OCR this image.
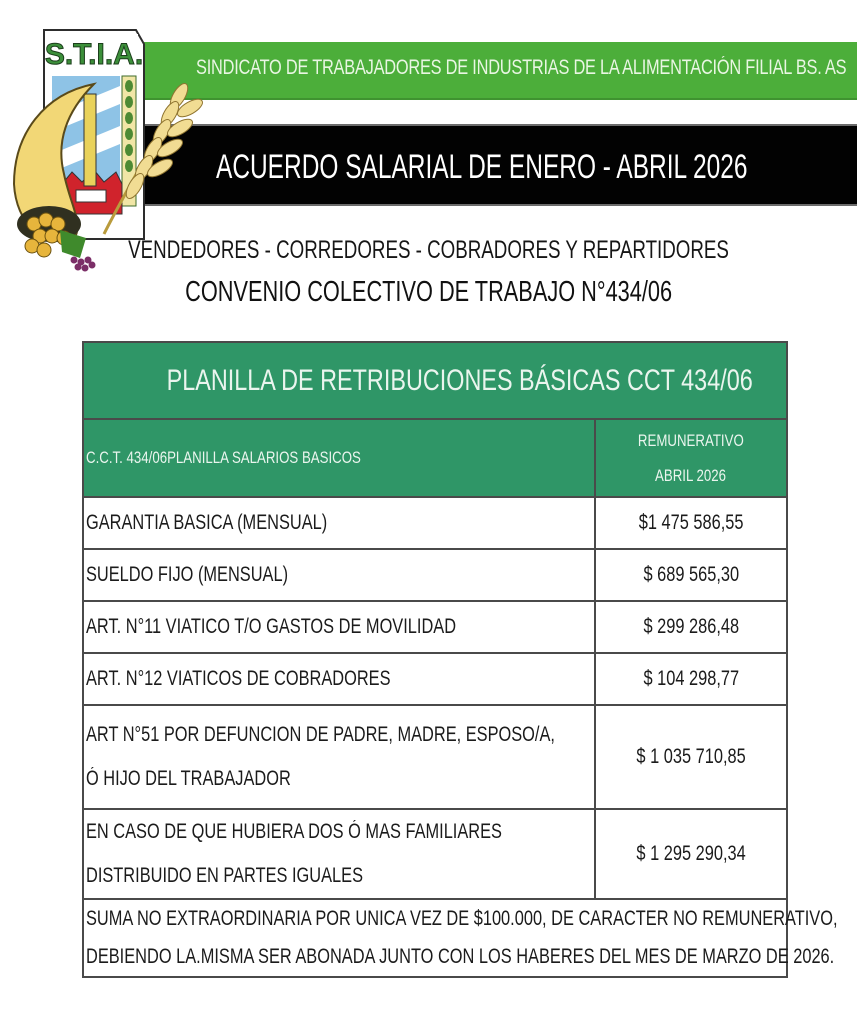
SINDICATO DE TRABAJADORES DE INDUSTRIAS DE LA ALIMENTACIÓN FILIAL BS. AS
ACUERDO SALARIAL DE ENERO - ABRIL 2026
S.T.I.A.
VENDEDORES - CORREDORES - COBRADORES Y REPARTIDORES
CONVENIO COLECTIVO DE TRABAJO N°434/06
PLANILLA DE RETRIBUCIONES BÁSICAS CCT 434/06	
C.C.T. 434/06PLANILLA SALARIOS BASICOS	REMUNERATIVO
ABRIL 2026
GARANTIA BASICA (MENSUAL)	$1 475 586,55
SUELDO FIJO (MENSUAL)	$ 689 565,30
ART. N°11 VIATICO T/O GASTOS DE MOVILIDAD	$ 299 286,48
ART. N°12 VIATICOS DE COBRADORES	$ 104 298,77

ART N°51 POR DEFUNCION DE PADRE, MADRE, ESPOSO/A,
Ó HIJO DEL TRABAJADOR	$ 1 035 710,85

EN CASO DE QUE HUBIERA DOS Ó MAS FAMILIARES
DISTRIBUIDO EN PARTES IGUALES	$ 1 295 290,34

SUMA NO EXTRAORDINARIA POR UNICA VEZ DE $100.000, DE CARACTER NO REMUNERATIVO,
DEBIENDO LA.MISMA SER ABONADA JUNTO CON LOS HABERES DEL MES DE MARZO DE 2026.	
